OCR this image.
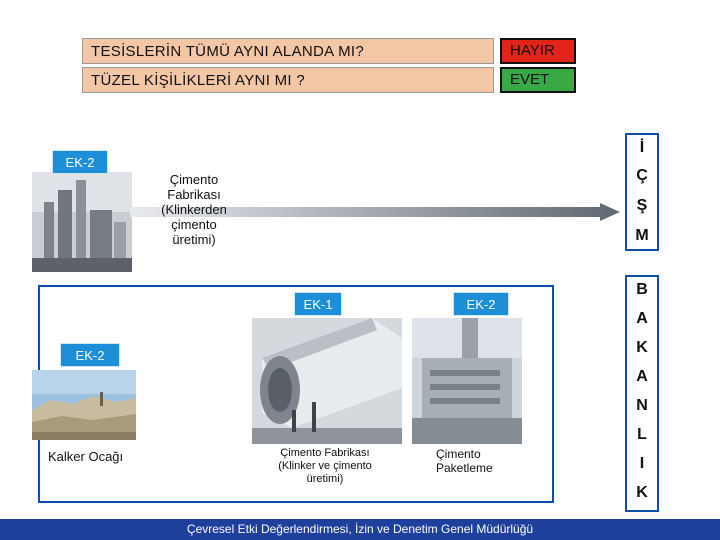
TESİSLERİN TÜMÜ AYNI ALANDA MI?	HAYIR
TÜZEL KİŞİLİKLERİ AYNI MI ?	EVET
EK-2
Çimento Fabrikası (Klinkerden çimento üretimi)
İ
Ç
Ş
M
B
A
K
A
N
L
I
K
EK-2
Kalker Ocağı
EK-1
Çimento Fabrikası (Klinker ve çimento üretimi)
EK-2
Çimento Paketleme
Çevresel Etki Değerlendirmesi, İzin ve Denetim Genel Müdürlüğü
